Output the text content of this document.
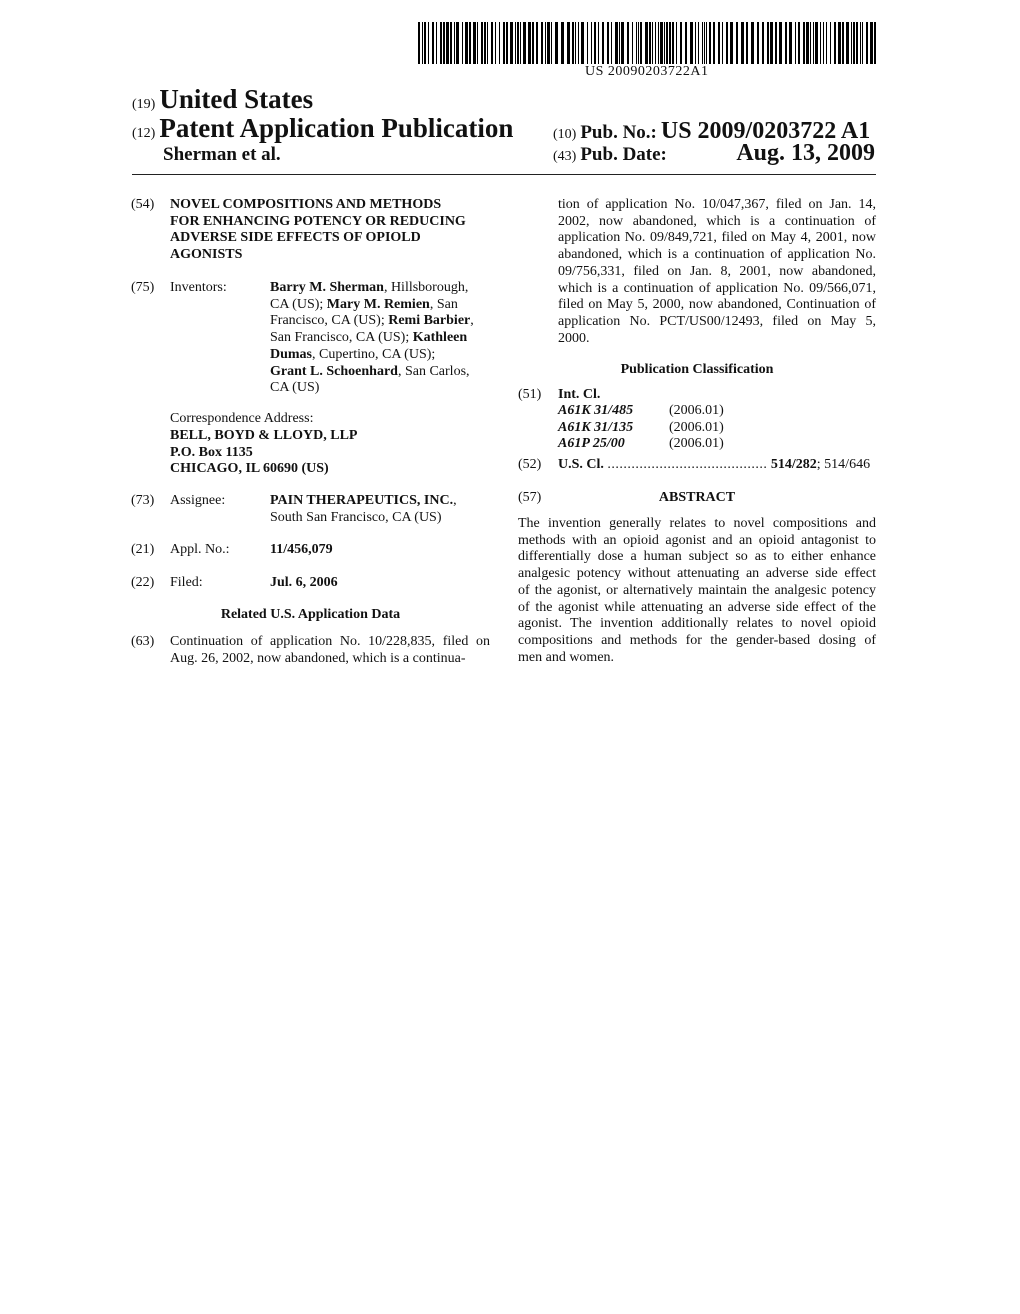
US 20090203722A1
(19) United States
(12) Patent Application Publication
Sherman et al.
(10) Pub. No.: US 2009/0203722 A1
(43) Pub. Date:	Aug. 13, 2009
(54) NOVEL COMPOSITIONS AND METHODS
FOR ENHANCING POTENCY OR REDUCING
ADVERSE SIDE EFFECTS OF OPIOLD
AGONISTS
(75) Inventors:	Barry M. Sherman, Hillsborough, CA (US); Mary M. Remien, San Francisco, CA (US); Remi Barbier, San Francisco, CA (US); Kathleen Dumas, Cupertino, CA (US);
Grant L. Schoenhard, San Carlos, CA (US)
Correspondence Address:
BELL, BOYD & LLOYD, LLP
P.O. Box 1135
CHICAGO, IL 60690 (US)
(73) Assignee:	PAIN THERAPEUTICS, INC.,
South San Francisco, CA (US)
(21) Appl. No.:	11/456,079
(22) Filed:	Jul. 6, 2006
Related U.S. Application Data
(63) Continuation of application No. 10/228,835, filed on
Aug. 26, 2002, now abandoned, which is a continua-
tion of application No. 10/047,367, filed on Jan. 14,
2002, now abandoned, which is a continuation of
application No. 09/849,721, filed on May 4, 2001, now
abandoned, which is a continuation of application No.
09/756,331, filed on Jan. 8, 2001, now abandoned,
which is a continuation of application No. 09/566,071,
filed on May 5, 2000, now abandoned, Continuation of
application No. PCT/US00/12493, filed on May 5,
2000.
Publication Classification
(51) Int. Cl.
A61K 31/485	(2006.01)
A61K 31/135	(2006.01)
A61P 25/00	(2006.01)
(52) U.S. Cl. ........................................ 514/282; 514/646
(57)	ABSTRACT
The invention generally relates to novel compositions and
methods with an opioid agonist and an opioid antagonist to
differentially dose a human subject so as to either enhance
analgesic potency without attenuating an adverse side effect
of the agonist, or alternatively maintain the analgesic potency
of the agonist while attenuating an adverse side effect of the
agonist. The invention additionally relates to novel opioid
compositions and methods for the gender-based dosing of
men and women.
